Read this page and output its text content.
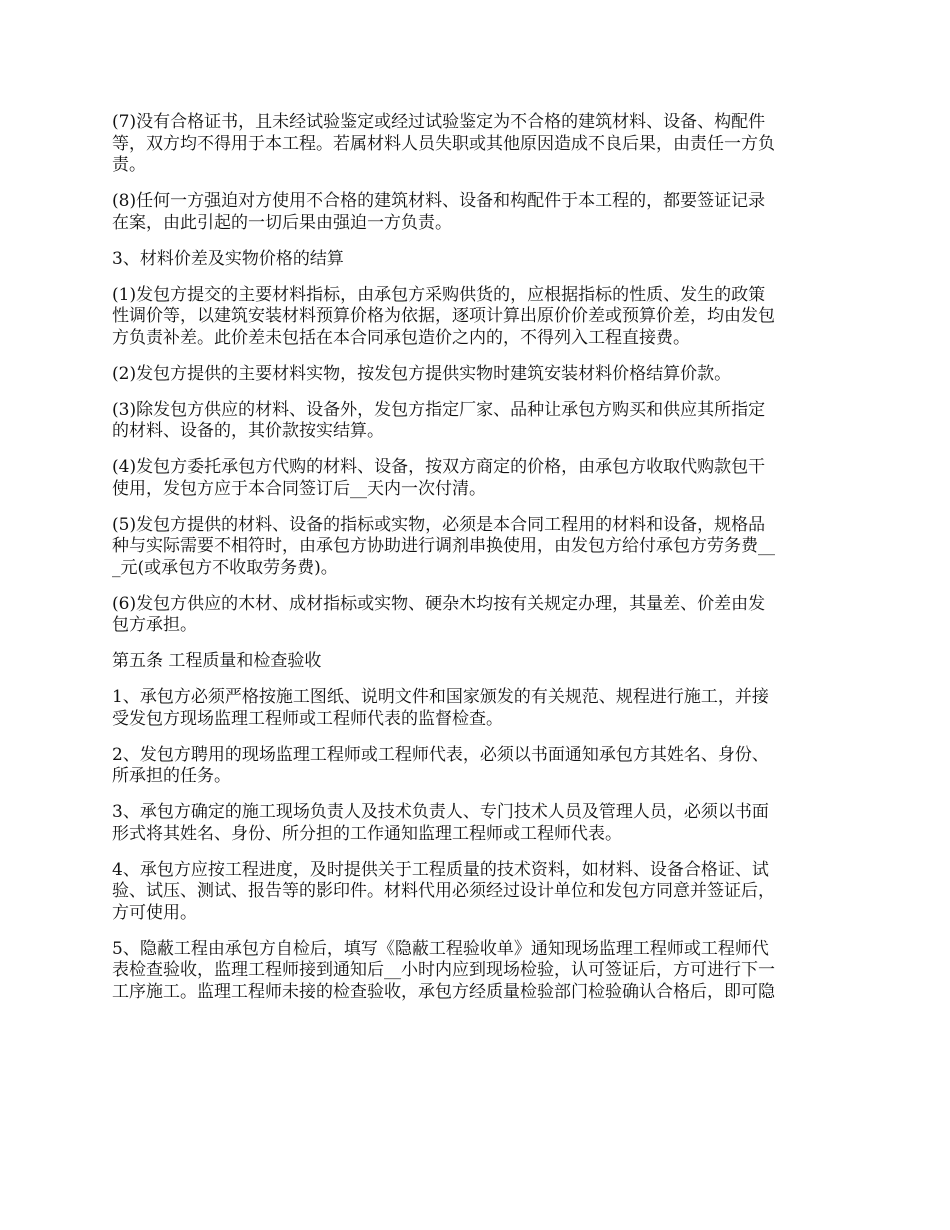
(7)没有合格证书，且未经试验鉴定或经过试验鉴定为不合格的建筑材料、设备、构配件
等，双方均不得用于本工程。若属材料人员失职或其他原因造成不良后果，由责任一方负
责。

(8)任何一方强迫对方使用不合格的建筑材料、设备和构配件于本工程的，都要签证记录
在案，由此引起的一切后果由强迫一方负责。

3、材料价差及实物价格的结算

(1)发包方提交的主要材料指标，由承包方采购供货的，应根据指标的性质、发生的政策
性调价等，以建筑安装材料预算价格为依据，逐项计算出原价价差或预算价差，均由发包
方负责补差。此价差未包括在本合同承包造价之内的，不得列入工程直接费。

(2)发包方提供的主要材料实物，按发包方提供实物时建筑安装材料价格结算价款。

(3)除发包方供应的材料、设备外，发包方指定厂家、品种让承包方购买和供应其所指定
的材料、设备的，其价款按实结算。

(4)发包方委托承包方代购的材料、设备，按双方商定的价格，由承包方收取代购款包干
使用，发包方应于本合同签订后__天内一次付清。

(5)发包方提供的材料、设备的指标或实物，必须是本合同工程用的材料和设备，规格品
种与实际需要不相符时，由承包方协助进行调剂串换使用，由发包方给付承包方劳务费__
_元(或承包方不收取劳务费)。

(6)发包方供应的木材、成材指标或实物、硬杂木均按有关规定办理，其量差、价差由发
包方承担。

第五条 工程质量和检查验收

1、承包方必须严格按施工图纸、说明文件和国家颁发的有关规范、规程进行施工，并接
受发包方现场监理工程师或工程师代表的监督检查。

2、发包方聘用的现场监理工程师或工程师代表，必须以书面通知承包方其姓名、身份、
所承担的任务。

3、承包方确定的施工现场负责人及技术负责人、专门技术人员及管理人员，必须以书面
形式将其姓名、身份、所分担的工作通知监理工程师或工程师代表。

4、承包方应按工程进度，及时提供关于工程质量的技术资料，如材料、设备合格证、试
验、试压、测试、报告等的影印件。材料代用必须经过设计单位和发包方同意并签证后，
方可使用。

5、隐蔽工程由承包方自检后，填写《隐蔽工程验收单》通知现场监理工程师或工程师代
表检查验收，监理工程师接到通知后__小时内应到现场检验，认可签证后，方可进行下一
工序施工。监理工程师未接的检查验收，承包方经质量检验部门检验确认合格后，即可隐
